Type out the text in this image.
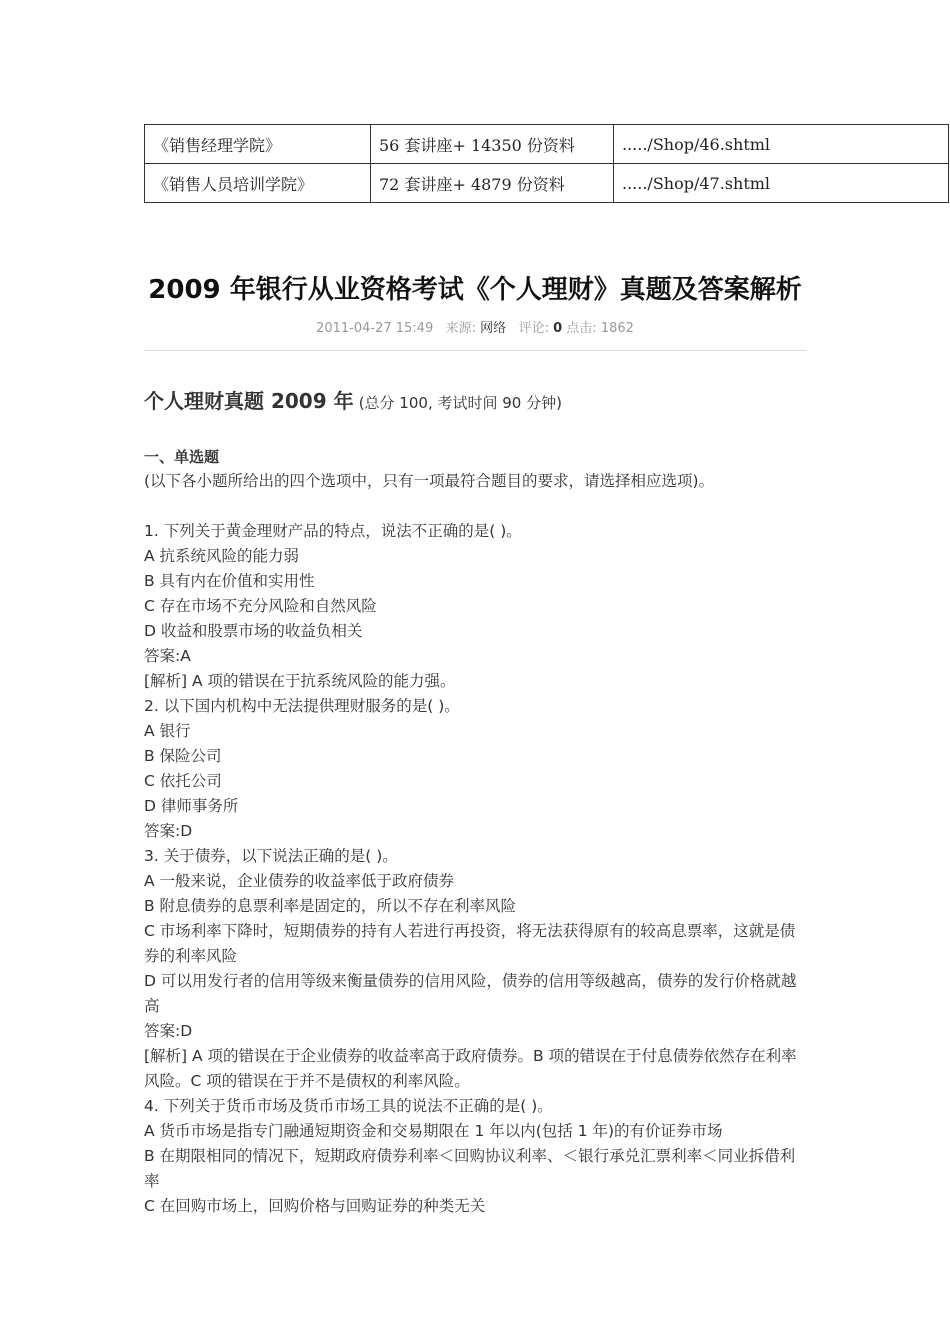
《销售经理学院》	56 套讲座+ 14350 份资料	...../Shop/46.shtml
《销售人员培训学院》	72 套讲座+ 4879 份资料	...../Shop/47.shtml
2009 年银行从业资格考试《个人理财》真题及答案解析
2011-04-27 15:49 来源: 网络 评论: 0 点击: 1862
个人理财真题 2009 年 (总分 100, 考试时间 90 分钟)
一、单选题
(以下各小题所给出的四个选项中，只有一项最符合题目的要求，请选择相应选项)。
1. 下列关于黄金理财产品的特点，说法不正确的是( )。
A 抗系统风险的能力弱
B 具有内在价值和实用性
C 存在市场不充分风险和自然风险
D 收益和股票市场的收益负相关
答案:A
[解析] A 项的错误在于抗系统风险的能力强。
2. 以下国内机构中无法提供理财服务的是( )。
A 银行
B 保险公司
C 依托公司
D 律师事务所
答案:D
3. 关于债券，以下说法正确的是( )。
A 一般来说，企业债券的收益率低于政府债券
B 附息债券的息票利率是固定的，所以不存在利率风险
C 市场利率下降时，短期债券的持有人若进行再投资，将无法获得原有的较高息票率，这就是债券的利率风险
D 可以用发行者的信用等级来衡量债券的信用风险，债券的信用等级越高，债券的发行价格就越高
答案:D
[解析] A 项的错误在于企业债券的收益率高于政府债券。B 项的错误在于付息债券依然存在利率风险。C 项的错误在于并不是债权的利率风险。
4. 下列关于货币市场及货币市场工具的说法不正确的是( )。
A 货币市场是指专门融通短期资金和交易期限在 1 年以内(包括 1 年)的有价证券市场
B 在期限相同的情况下，短期政府债券利率＜回购协议利率、＜银行承兑汇票利率＜同业拆借利率
C 在回购市场上，回购价格与回购证券的种类无关
